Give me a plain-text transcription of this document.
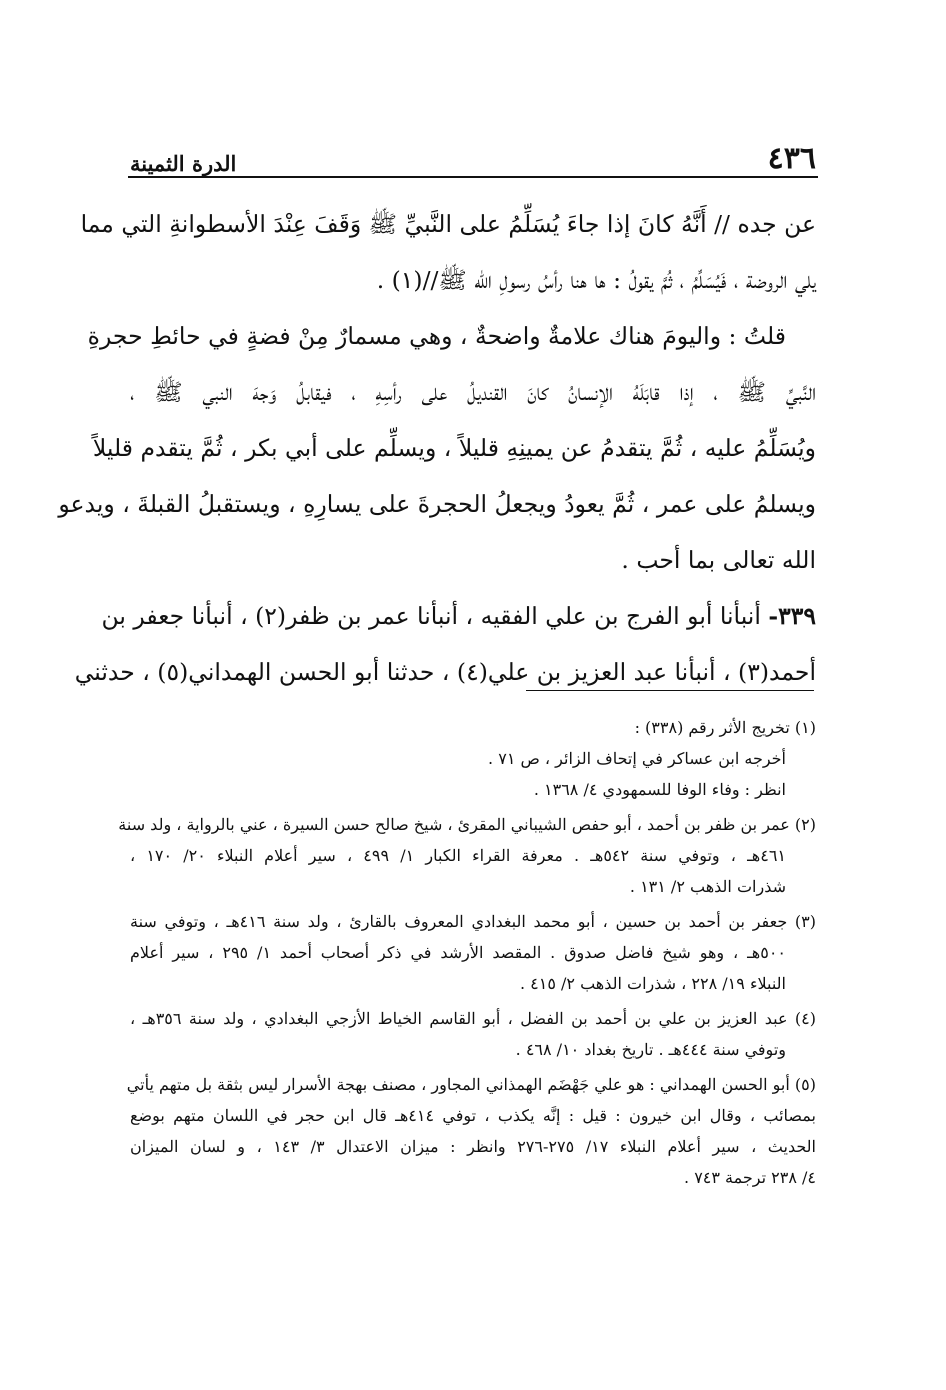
٤٣٦
الدرة الثمينة
عن جده // أَنَّهُ كانَ إذا جاءَ يُسَلِّمُ على النَّبيِّ ﷺ وَقَفَ عِنْدَ الأسطوانةِ التي مما
يلي الروضة ، فَيُسَلِّمُ ، ثُمَّ يقولُ : ها هنا رأسُ رسولِ الله ﷺ//(١) .
قلتُ : واليومَ هناك علامةٌ واضحةٌ ، وهي مسمارٌ مِنْ فضةٍ في حائطِ حجرةِ
النَّبيِّ ﷺ ، إذا قابَلَهُ الإنسانُ كانَ القنديلُ على رأسِهِ ، فيقابلُ وَجهَ النبي ﷺ ،
ويُسَلِّمُ عليه ، ثُمَّ يتقدمُ عن يمينِهِ قليلاً ، ويسلِّم على أبي بكر ، ثُمَّ يتقدم قليلاً
ويسلمُ على عمر ، ثُمَّ يعودُ ويجعلُ الحجرةَ على يسارِهِ ، ويستقبلُ القبلةَ ، ويدعو
الله تعالى بما أحب .
٣٣٩- أنبأنا أبو الفرج بن علي الفقيه ، أنبأنا عمر بن ظفر(٢) ، أنبأنا جعفر بن
أحمد(٣) ، أنبأنا عبد العزيز بن علي(٤) ، حدثنا أبو الحسن الهمداني(٥) ، حدثني
(١) تخريج الأثر رقم (٣٣٨) :
أخرجه ابن عساكر في إتحاف الزائر ، ص ٧١ .
انظر : وفاء الوفا للسمهودي ٤/ ١٣٦٨ .
(٢) عمر بن ظفر بن أحمد ، أبو حفص الشيباني المقرئ ، شيخ صالح حسن السيرة ، عني بالرواية ، ولد سنة
٤٦١هـ ، وتوفي سنة ٥٤٢هـ . معرفة القراء الكبار ١/ ٤٩٩ ، سير أعلام النبلاء ٢٠/ ١٧٠ ،
شذرات الذهب ٢/ ١٣١ .
(٣) جعفر بن أحمد بن حسين ، أبو محمد البغدادي المعروف بالقارئ ، ولد سنة ٤١٦هـ ، وتوفي سنة
٥٠٠هـ ، وهو شيخ فاضل صدوق . المقصد الأرشد في ذكر أصحاب أحمد ١/ ٢٩٥ ، سير أعلام
النبلاء ١٩/ ٢٢٨ ، شذرات الذهب ٢/ ٤١٥ .
(٤) عبد العزيز بن علي بن أحمد بن الفضل ، أبو القاسم الخياط الأزجي البغدادي ، ولد سنة ٣٥٦هـ ،
وتوفي سنة ٤٤٤هـ . تاريخ بغداد ١٠/ ٤٦٨ .
(٥) أبو الحسن الهمداني : هو علي جَهْضَم الهمذاني المجاور ، مصنف بهجة الأسرار ليس بثقة بل متهم يأتي
بمصائب ، وقال ابن خيرون : قيل : إنَّه يكذب ، توفي ٤١٤هـ قال ابن حجر في اللسان متهم بوضع
الحديث ، سير أعلام النبلاء ١٧/ ٢٧٥-٢٧٦ وانظر : ميزان الاعتدال ٣/ ١٤٣ ، و لسان الميزان
٤/ ٢٣٨ ترجمة ٧٤٣ .
